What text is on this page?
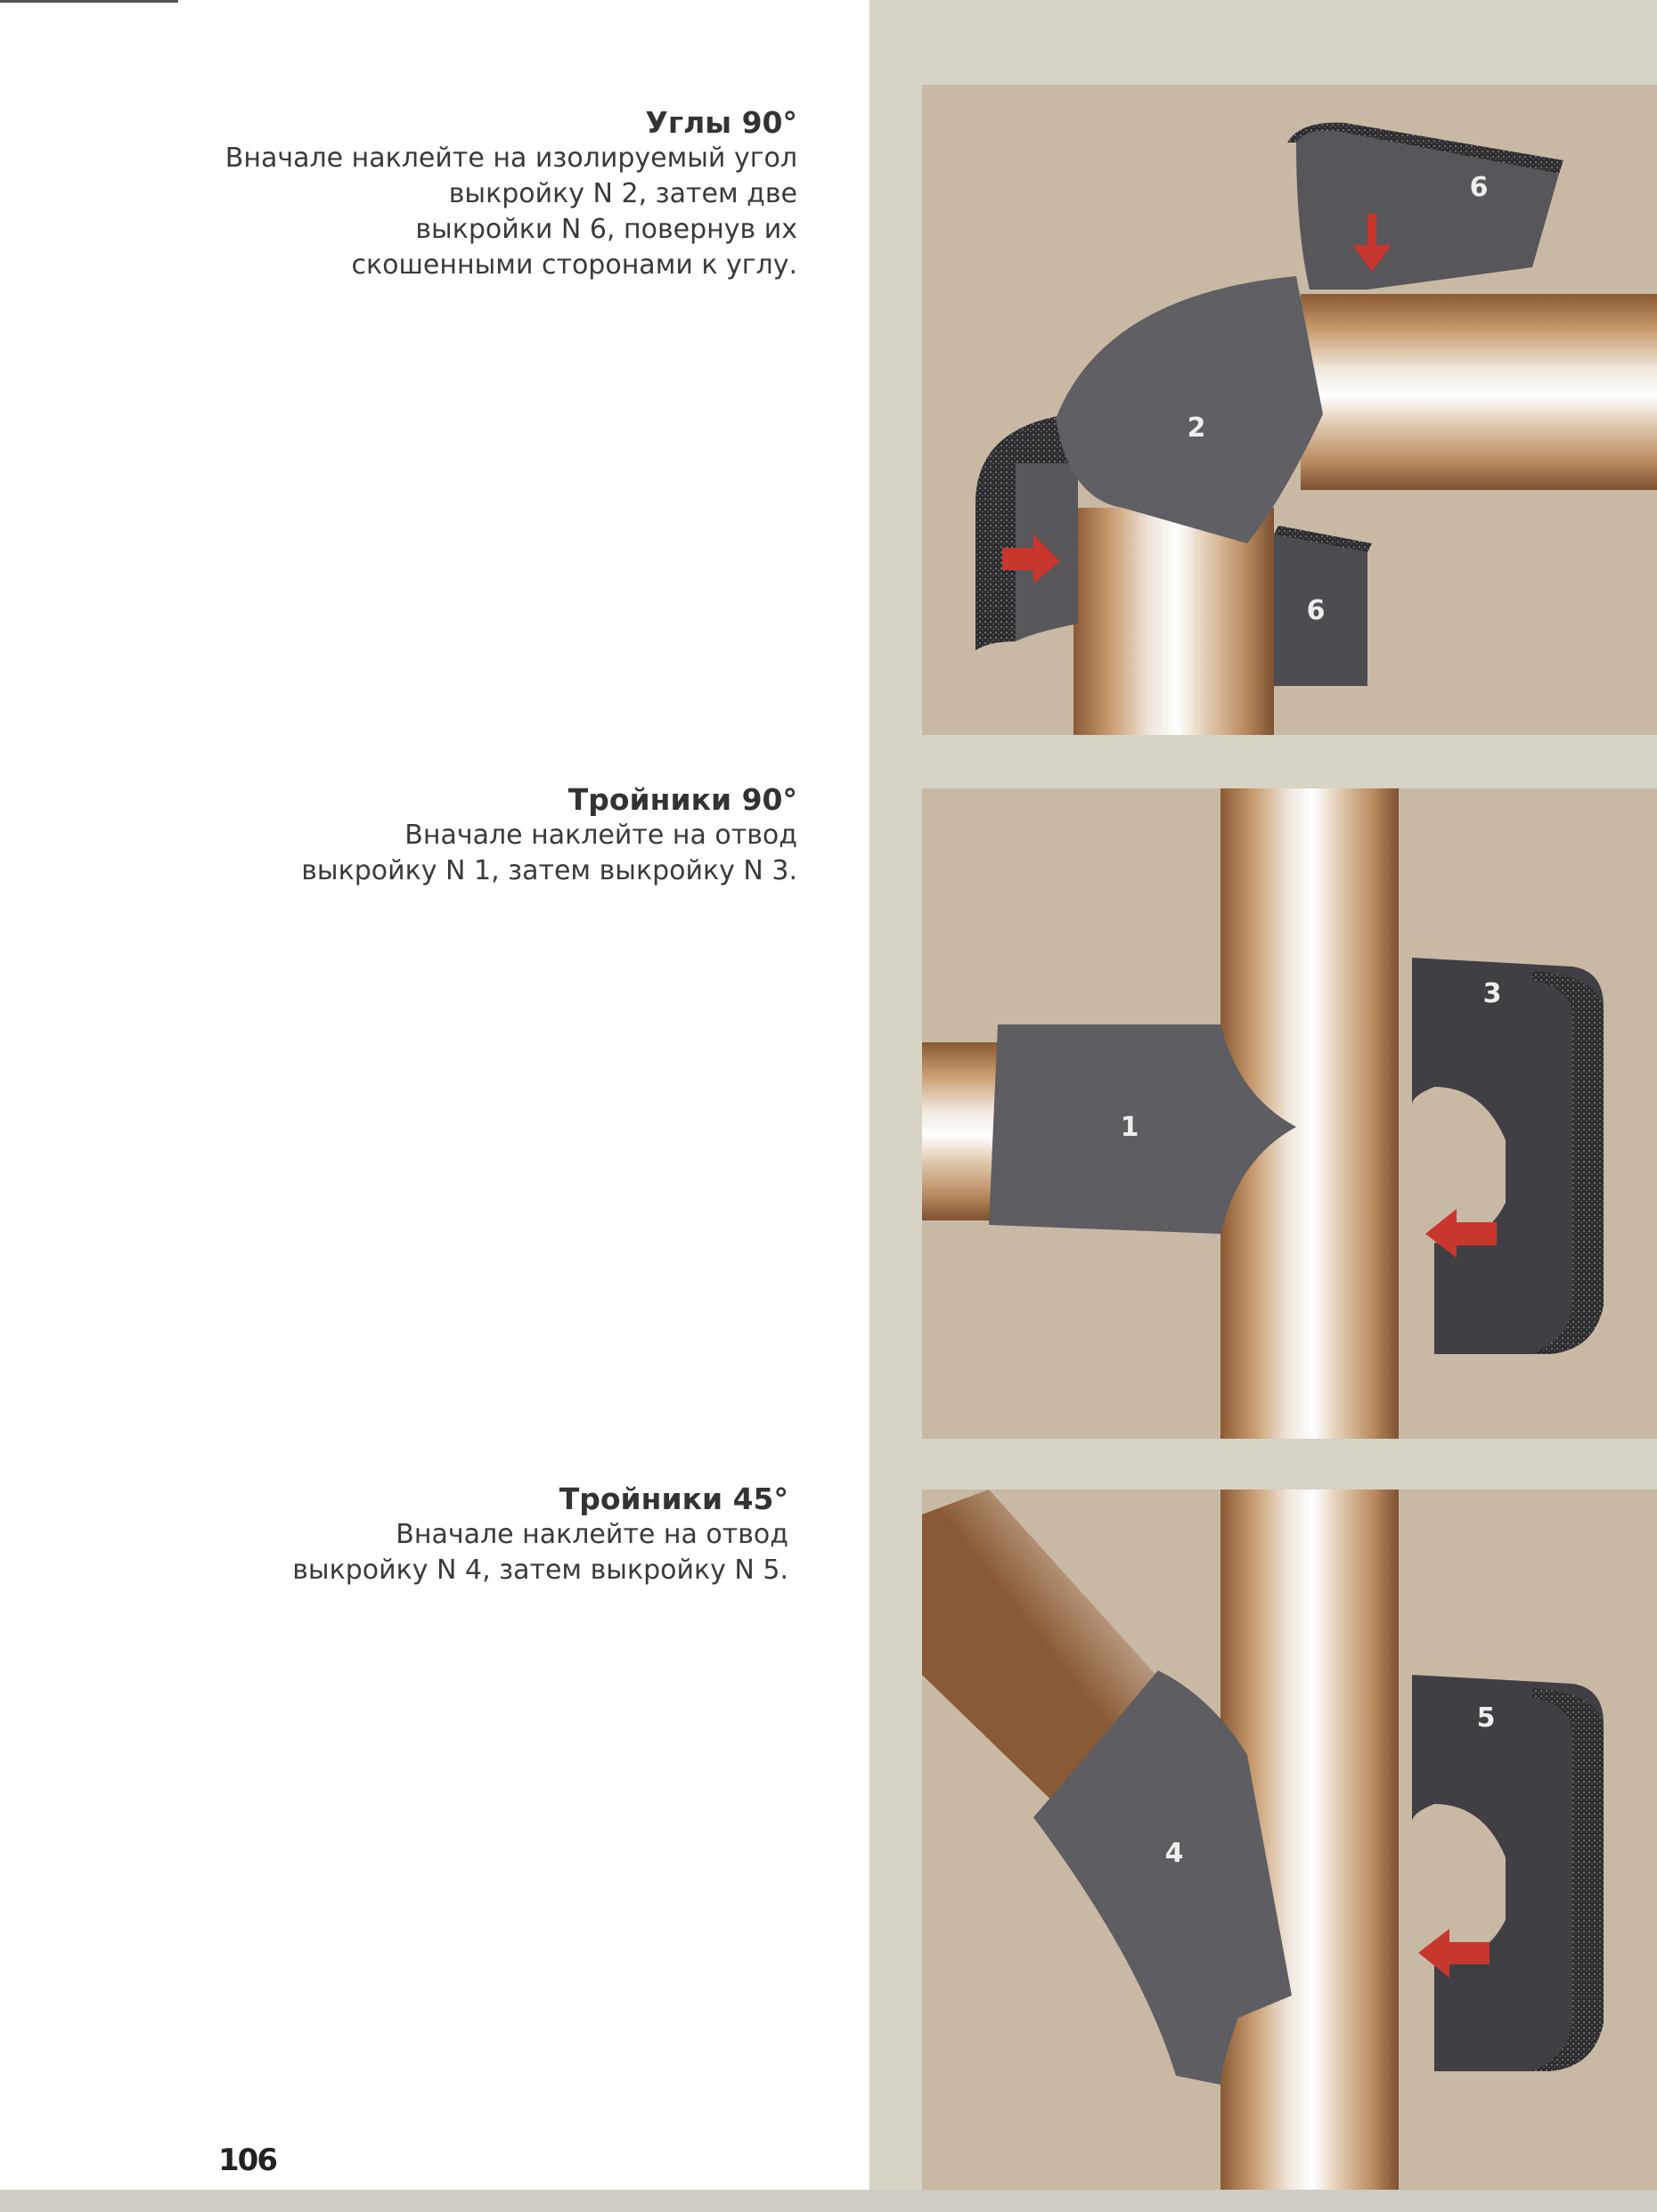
Углы 90°
Вначале наклейте на изолируемый угол
выкройку N 2, затем две
выкройки N 6, повернув их
скошенными сторонами к углу.
Тройники 90°
Вначале наклейте на отвод
выкройку N 1, затем выкройку N 3.
Тройники 45°
Вначале наклейте на отвод
выкройку N 4, затем выкройку N 5.
106
6
2
6
1
3
4
5
